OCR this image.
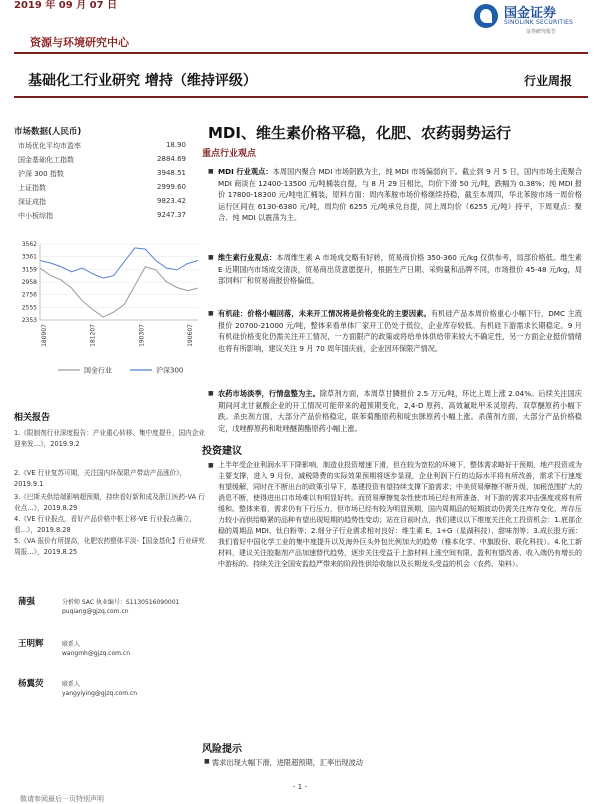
2019 年 09 月 07 日
国金证券
SINOLINK SECURITIES
证券研究报告
资源与环境研究中心
基础化工行业研究 增持（维持评级）	行业周报
市场数据(人民币)
市场优化平均市盈率	18.90
国金基础化工指数	2884.69
沪深 300 指数	3948.51
上证指数	2999.60
深证成指	9823.42
中小板综指	9247.37
3562
3361
3159
2958
2756
2555
2353
180907	181207	190307	190607
国金行业	沪深300
相关报告
1.《限制剂行业深度报告：产业重心转移、集中度提升，国内企业迎来发…》，2019.9.2
2.《VE 行业复苏可期，关注国内环保限产带动产品涨价》，2019.9.1
3.《巴斯夫供给端影响超预期，持续看好新和成及浙江医药-VA 行业点…》，2019.8.29
4.《VE 行业报点，看好产品价格中枢上移-VE 行业报点确立，看…》，2019.8.28
5.《VA 报价有所提高，化肥农药整体平淡-【国金基化】行业研究周报…》，2019.8.25
蒲强	分析师 SAC 执业编号：S1130516090001
puqiang@gjzq.com.cn
王明辉	联系人
wangmh@gjzq.com.cn
杨翼荧	联系人
yangyiying@gjzq.com.cn
MDI、维生素价格平稳，化肥、农药弱势运行
重点行业观点
■ MDI 行业观点：本周国内聚合 MDI 市场阴跌为主，纯 MDI 市场偏弱向下。截止到 9 月 5 日，国内市场主流聚合 MDI 商谈在 12400-13500 元/吨桶装自提，与 8 月 29 日相比，均价下滑 50 元/吨，跌幅为 0.38%；纯 MDI 报价 17800-18300 元/吨电汇桶装，原料方面：周内苯胺市场价格继续持稳，截至本周四，华北苯胺市场一周价格运行区间在 6130-6380 元/吨，周均价 6255 元/吨承兑自提，同上周均价（6255 元/吨）持平，下周观点：聚合、纯 MDI 以震荡为主。
■ 维生素行业观点：本周维生素 A 市场成交略有好转，贸易商价格 350-360 元/kg 仅供参考，局部价格低。维生素 E 近期国内市场成交清淡，贸易商出货意愿提升，根据生产日期、采购量和品牌不同，市场报价 45-48 元/kg，局部饲料厂和贸易商报价格偏低。
■ 有机硅：价格小幅回落，未来开工情况将是价格变化的主要因素。有机硅产品本周价格重心小幅下行，DMC 主流报价 20700-21000 元/吨，整体来看单体厂家开工仍处于低位，企业库存较低。有机硅下游需求长期稳定。9 月有机硅价格变化仍需关注开工情况，一方面限产的政策或将给单体供给带来较大不确定性，另一方面企业挺价情绪也将有所影响，建议关注 9 月 70 周年国庆前，企业因环保限产情况。
■ 农药市场淡季，行情盘整为主。除草剂方面，本周草甘膦报价 2.5 万元/吨，环比上周上涨 2.04%。后续关注国庆期间河北甘氨酸企业的开工情况可能带来的超预期变化，2,4-D 原药、高效氟吡甲禾灵原药、双草醚原药小幅下跌。杀虫剂方面，大部分产品价格稳定，联苯菊酯原药和啶虫脒原药小幅上涨。杀菌剂方面，大部分产品价格稳定，戊唑醇原药和吡唑醚菌酯原药小幅上涨。
投资建议
■ 上半年受企业利润水平下降影响，制造业投资增速下滑，但在较为宽松的环境下，整体需求略好于预期，地产投资或为主要支撑，进入 9 月份，减税降费的实际效果预期将逐步显现，企业利润下行的边际水平将有所改善，需求下行速度有望缓解，同时在不断出台的政策引导下，基建投资有望持续支撑下游需求；中美贸易摩擦不断升级，加税范围扩大的消息不断，使得进出口市场难以有明显好转。而贸易摩擦复杂性使市场已经有所准备，对下游的需求冲击强度或将有所缓和。整体来看，需求仍有下行压力，但市场已经有较为明显预期，国内周期品的短期波动仍需关注库存变化，库存压力较小而供给略紧的品种有望出现短期的趋势性变动；站在目前时点，我们建议以下维度关注化工投资机会：1.底部企稳的周期品 MDI、钛白粉等；2.细分子行业需求相对良好：维生素 E、1+G（星湖科技）、甜味剂等；3.成长股方面：我们看好中国化学工业的集中度提升以及海外巨头外包比例加大的趋势（雅本化学、中旗股份、联化科技）。4.化工新材料，建议关注胶黏剂产品加速替代趋势，逐步关注受益于上游材料上涨空间有限、盈利有望改善、收入端仍有增长的中游标的。持续关注全国安监趋严带来的阶段性供给收缩以及长期龙头受益的机会（农药、染料）。
风险提示
■ 需求出现大幅下滑，进限超预期，汇率出现波动
- 1 -
敬请参阅最后一页特别声明
